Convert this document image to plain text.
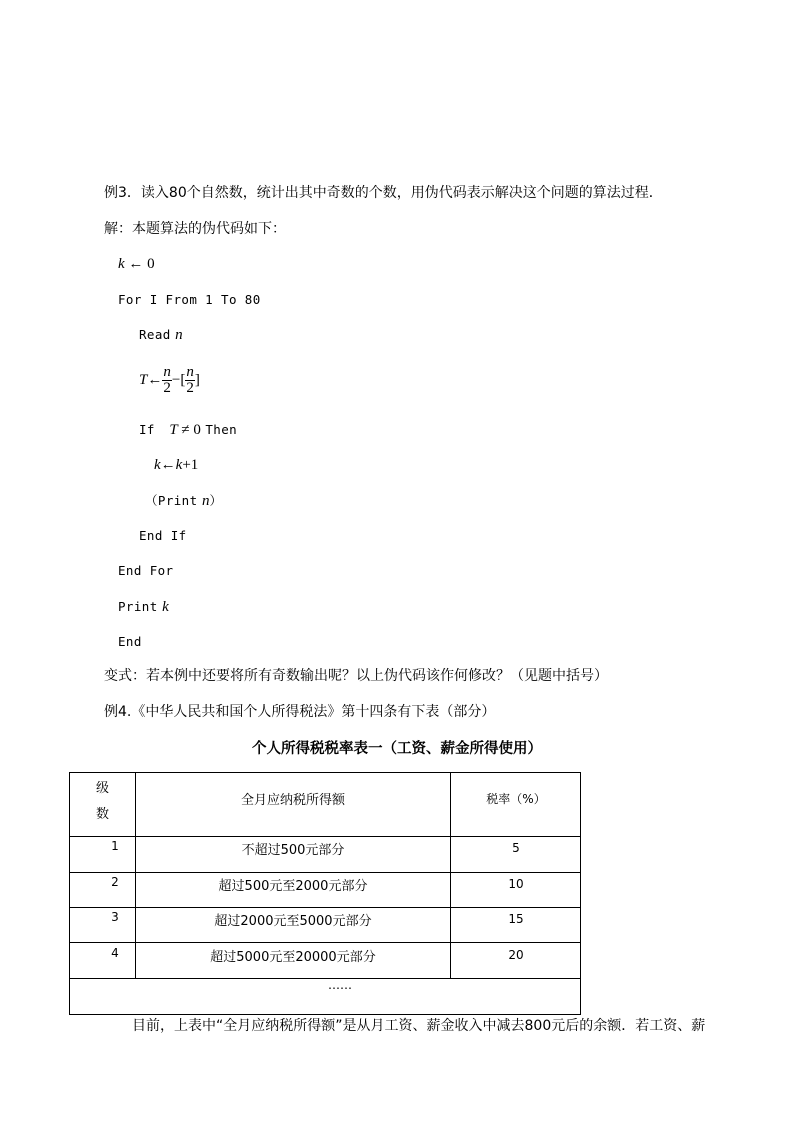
例3．读入80个自然数，统计出其中奇数的个数，用伪代码表示解决这个问题的算法过程．
解：本题算法的伪代码如下：
k ← 0
For I From 1 To 80
Read n
T← $\frac{n}{2}$ −[ $\frac{n}{2}$ ]
If T ≠ 0 Then
k←k+1
（Print n）
End If
End For
Print k
End
变式：若本例中还要将所有奇数输出呢？以上伪代码该作何修改？（见题中括号）
例4.《中华人民共和国个人所得税法》第十四条有下表（部分）
个人所得税税率表一（工资、薪金所得使用）
级
数
全月应纳税所得额	税率（%）
1	不超过500元部分	5
2	超过500元至2000元部分	10
3	超过2000元至5000元部分	15
4	超过5000元至20000元部分	20
……
目前，上表中“全月应纳税所得额”是从月工资、薪金收入中减去800元后的余额．若工资、薪
